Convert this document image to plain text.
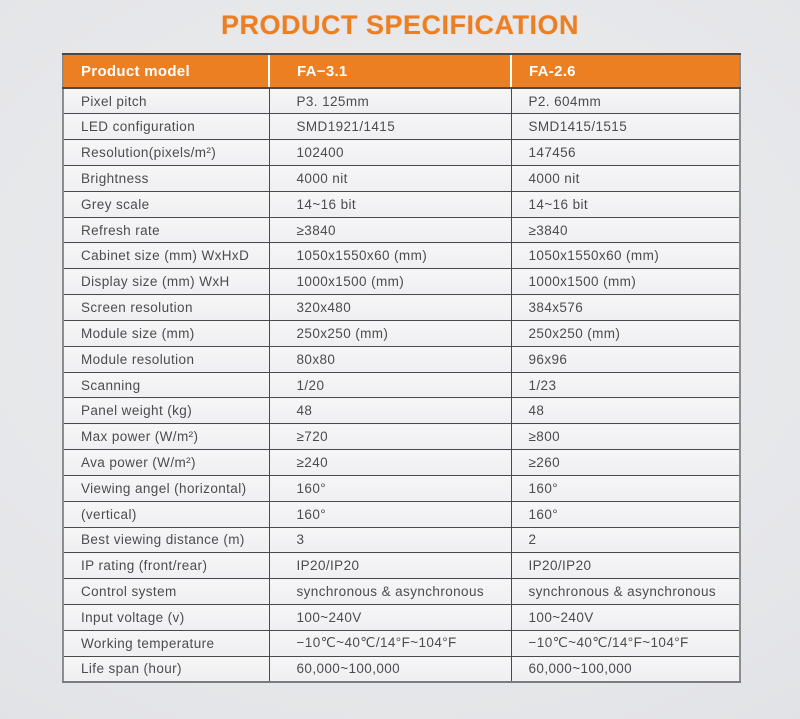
PRODUCT SPECIFICATION
Product model	FA−3.1	FA-2.6
Pixel pitch	P3. 125mm	P2. 604mm
LED configuration	SMD1921/1415	SMD1415/1515
Resolution(pixels/m²)	102400	147456
Brightness	4000 nit	4000 nit
Grey scale	14~16 bit	14~16 bit
Refresh rate	≥3840	≥3840
Cabinet size (mm) WxHxD	1050x1550x60 (mm)	1050x1550x60 (mm)
Display size (mm) WxH	1000x1500 (mm)	1000x1500 (mm)
Screen resolution	320x480	384x576
Module size (mm)	250x250 (mm)	250x250 (mm)
Module resolution	80x80	96x96
Scanning	1/20	1/23
Panel weight (kg)	48	48
Max power (W/m²)	≥720	≥800
Ava power (W/m²)	≥240	≥260
Viewing angel (horizontal)	160°	160°
(vertical)	160°	160°
Best viewing distance (m)	3	2
IP rating (front/rear)	IP20/IP20	IP20/IP20
Control system	synchronous & asynchronous	synchronous & asynchronous
Input voltage (v)	100~240V	100~240V
Working temperature	−10℃~40℃/14°F~104°F	−10℃~40℃/14°F~104°F
Life span (hour)	60,000~100,000	60,000~100,000
